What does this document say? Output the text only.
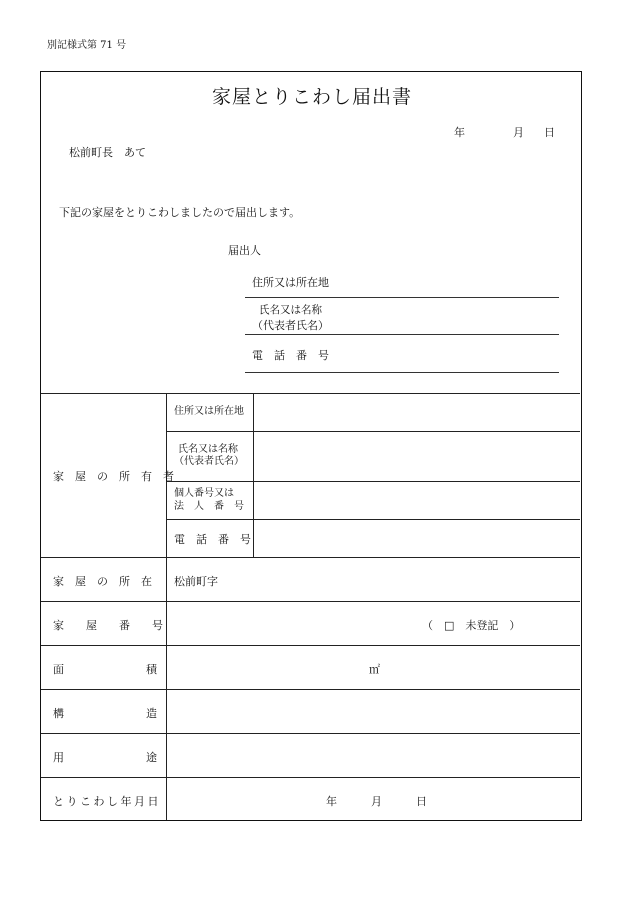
別記様式第 71 号
家屋とりこわし届出書
年	月 日
松前町長　あて
下記の家屋をとりこわしましたので届出します。
届出人
住所又は所在地
氏名又は名称
（代表者氏名）
電　話　番　号
家　屋　の　所　有　者
住所又は所在地
氏名又は名称
（代表者氏名）
個人番号又は
法　人　番　号
電　話　番　号
家　屋　の　所　在 松前町字
家　　屋　　番　　号	（　□　未登記　）
面	積	㎡
構	造
用	途
とりこわし年月日	年	月	日
